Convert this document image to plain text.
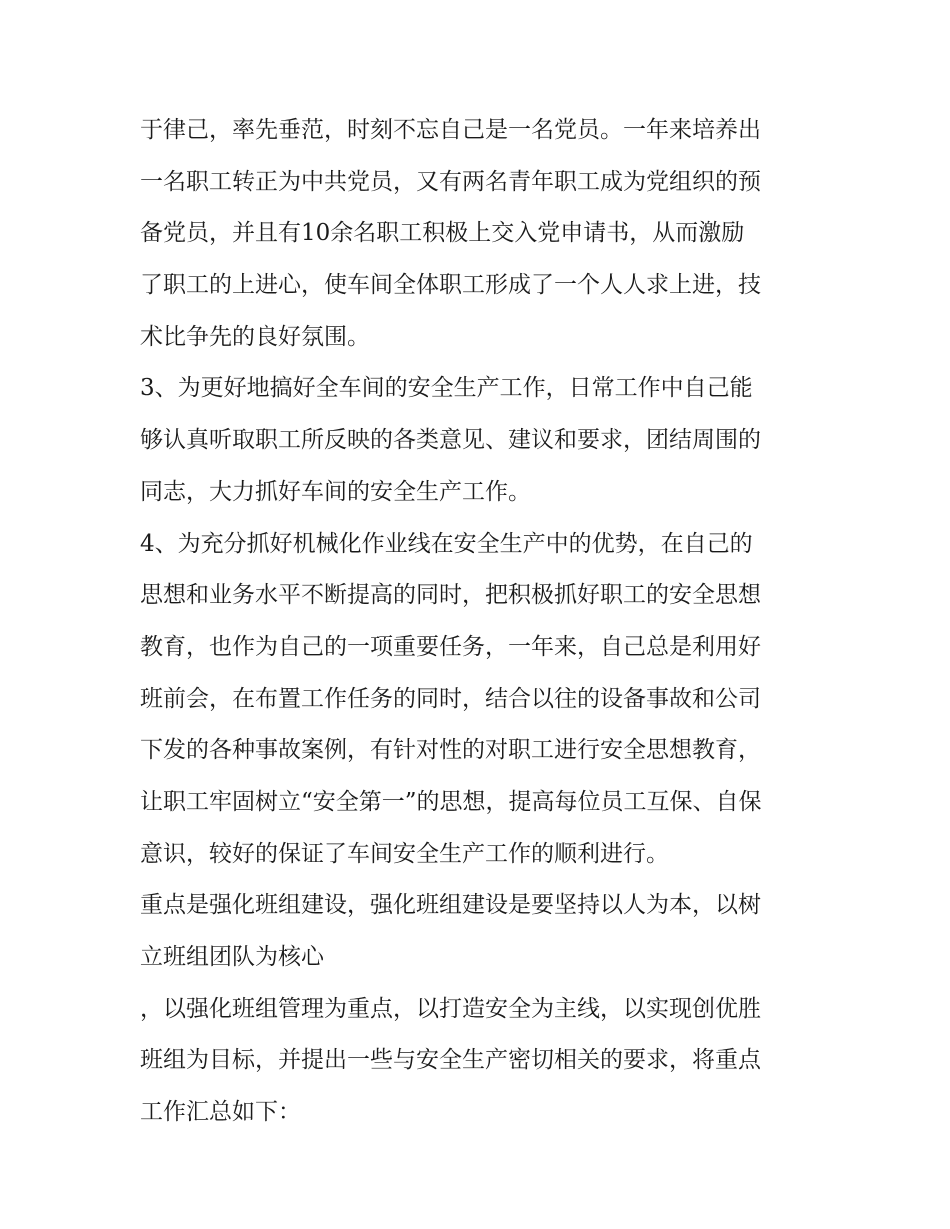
于律己，率先垂范，时刻不忘自己是一名党员。一年来培养出
一名职工转正为中共党员，又有两名青年职工成为党组织的预
备党员，并且有10余名职工积极上交入党申请书，从而激励
了职工的上进心，使车间全体职工形成了一个人人求上进，技
术比争先的良好氛围。
3、为更好地搞好全车间的安全生产工作，日常工作中自己能
够认真听取职工所反映的各类意见、建议和要求，团结周围的
同志，大力抓好车间的安全生产工作。
4、为充分抓好机械化作业线在安全生产中的优势，在自己的
思想和业务水平不断提高的同时，把积极抓好职工的安全思想
教育，也作为自己的一项重要任务，一年来，自己总是利用好
班前会，在布置工作任务的同时，结合以往的设备事故和公司
下发的各种事故案例，有针对性的对职工进行安全思想教育，
让职工牢固树立“安全第一”的思想，提高每位员工互保、自保
意识，较好的保证了车间安全生产工作的顺利进行。
重点是强化班组建设，强化班组建设是要坚持以人为本，以树
立班组团队为核心
，以强化班组管理为重点，以打造安全为主线，以实现创优胜
班组为目标，并提出一些与安全生产密切相关的要求，将重点
工作汇总如下：
